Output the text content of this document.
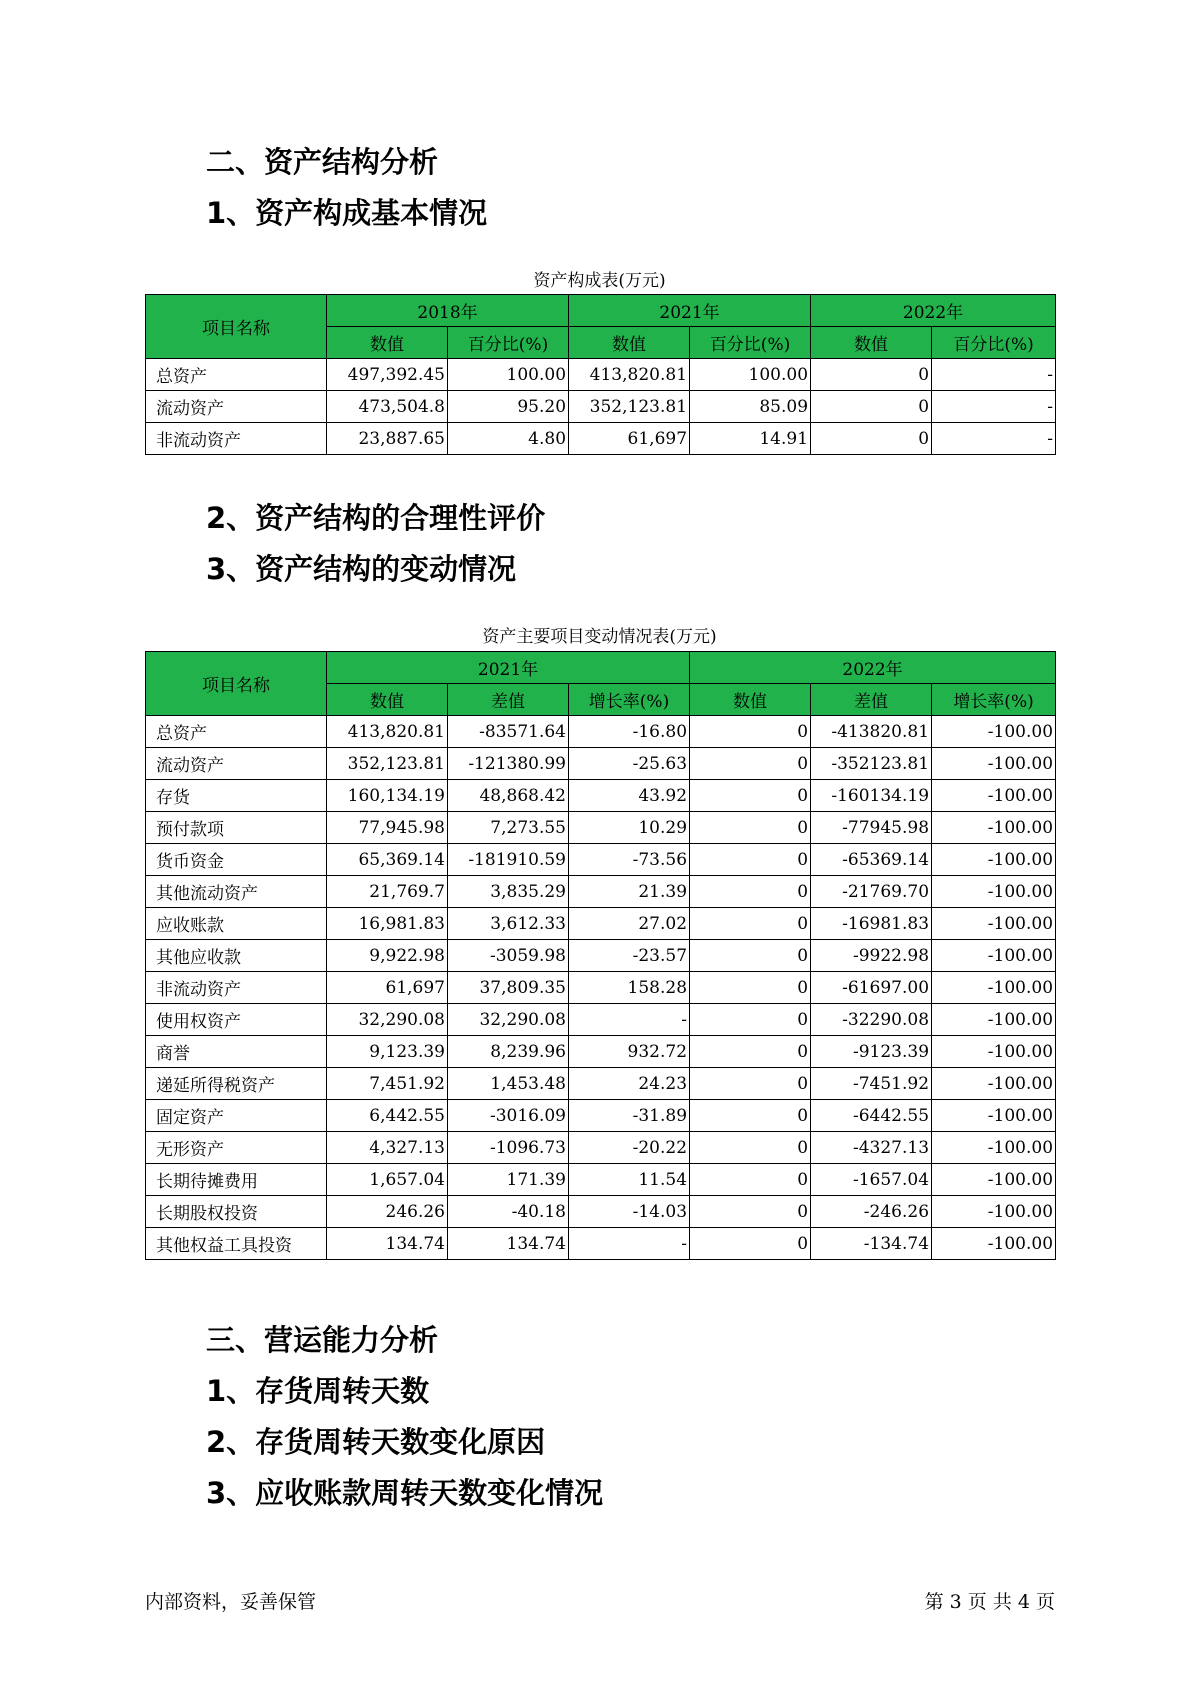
二、资产结构分析
1、资产构成基本情况
资产构成表(万元)
项目名称	2018年		2021年		2022年	
	数值	百分比(%)	数值	百分比(%)	数值	百分比(%)
总资产	497,392.45	100.00	413,820.81	100.00	0	-
流动资产	473,504.8	95.20	352,123.81	85.09	0	-
非流动资产	23,887.65	4.80	61,697	14.91	0	-
2、资产结构的合理性评价
3、资产结构的变动情况
资产主要项目变动情况表(万元)
项目名称	2021年			2022年		
	数值	差值	增长率(%)	数值	差值	增长率(%)
总资产	413,820.81	-83571.64	-16.80	0	-413820.81	-100.00
流动资产	352,123.81	-121380.99	-25.63	0	-352123.81	-100.00
存货	160,134.19	48,868.42	43.92	0	-160134.19	-100.00
预付款项	77,945.98	7,273.55	10.29	0	-77945.98	-100.00
货币资金	65,369.14	-181910.59	-73.56	0	-65369.14	-100.00
其他流动资产	21,769.7	3,835.29	21.39	0	-21769.70	-100.00
应收账款	16,981.83	3,612.33	27.02	0	-16981.83	-100.00
其他应收款	9,922.98	-3059.98	-23.57	0	-9922.98	-100.00
非流动资产	61,697	37,809.35	158.28	0	-61697.00	-100.00
使用权资产	32,290.08	32,290.08	-	0	-32290.08	-100.00
商誉	9,123.39	8,239.96	932.72	0	-9123.39	-100.00
递延所得税资产	7,451.92	1,453.48	24.23	0	-7451.92	-100.00
固定资产	6,442.55	-3016.09	-31.89	0	-6442.55	-100.00
无形资产	4,327.13	-1096.73	-20.22	0	-4327.13	-100.00
长期待摊费用	1,657.04	171.39	11.54	0	-1657.04	-100.00
长期股权投资	246.26	-40.18	-14.03	0	-246.26	-100.00
其他权益工具投资	134.74	134.74	-	0	-134.74	-100.00
三、营运能力分析
1、存货周转天数
2、存货周转天数变化原因
3、应收账款周转天数变化情况
内部资料，妥善保管	第 3 页 共 4 页
